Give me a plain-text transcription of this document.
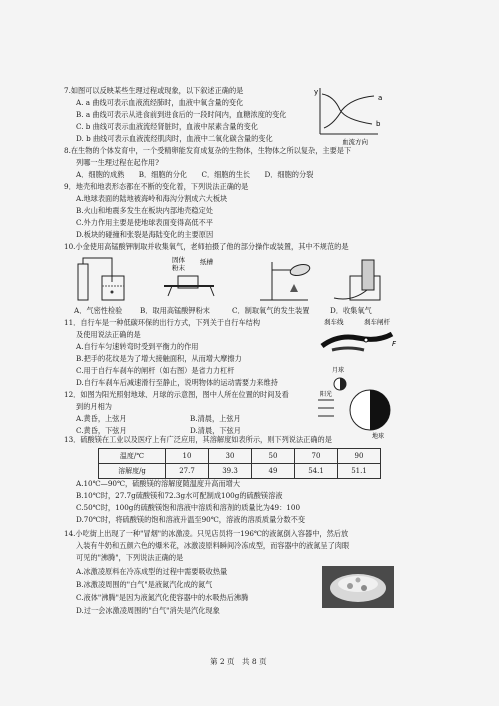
7.如图可以反映某些生理过程或现象，以下叙述正确的是
A. a 曲线可表示血液流经肺时，血液中氧含量的变化
B. a 曲线可表示从进食前到进食后的一段时间内，血糖浓度的变化
C. b 曲线可表示血液流经肾脏时，血液中尿素含量的变化
D. b 曲线可表示血液流经肌肉时，血液中二氧化碳含量的变化
y
a
b
血流方向
8.在生物的个体发育中，一个受精卵能发育成复杂的生物体，生物体之所以复杂，主要是下
列哪一生理过程在起作用?
A．细胞的成熟　　B．细胞的分化　　C．细胞的生长　　D．细胞的分裂
9．地壳和地表形态都在不断的变化着，下列说法正确的是
A.地球表面的陆地被海岭和海沟分割成六大板块
B.火山和地震多发生在板块内部地壳稳定处
C.外力作用主要是使地球表面变得高低不平
D.板块的碰撞和张裂是海陆变化的主要原因
10.小金使用高锰酸钾制取并收集氧气，老师拍摄了他的部分操作或装置，其中不规范的是
固体
粉末
纸槽
A．气密性检验 B．取用高锰酸钾粉末	C．制取氧气的发生装置	D．收集氧气
11．自行车是一种低碳环保的出行方式，下列关于自行车结构
及使用说法正确的是
A.自行车匀速转弯时受到平衡力的作用
B.把手的花纹是为了增大接触面积，从而增大摩擦力
C.用于自行车刹车的闸杆（如右图）是省力力杠杆
D.自行车刹车后减速滑行至静止，说明物体的运动需要力来维持
刹车线	刹车闸杆
F
12．如图为阳光照射地球、月球的示意图，图中人所在位置的时间及看
到的月相为
A.黄昏，上弦月	B.清晨，上弦月
C.黄昏，下弦月	D.清晨，下弦月
阳光
月球
地球
13．硫酸镁在工业以及医疗上有广泛应用，其溶解度如表所示，则下列说法正确的是
温度/℃	10	30	50	70	90
溶解度/g	27.7	39.3	49	54.1	51.1
A.10℃—90℃，硫酸镁的溶解度随温度升高而增大
B.10℃时，27.7g硫酸镁和72.3g水可配制成100g的硫酸镁溶液
C.50℃时，100g的硫酸镁饱和溶液中溶质和溶剂的质量比为49：100
D.70℃时，将硫酸镁的饱和溶液升温至90℃，溶液的溶质质量分数不变
14.小吃街上出现了一种"冒烟"的冰激凌。只见店员将一196℃的液氮倒入容器中，然后放
入装有牛奶和五颜六色的爆米花，冰激凌原料瞬间冷冻成型，而容器中的液氮呈了肉眼
可见的"沸腾"，下列说法正确的是
A.冰激凌原料在冷冻成型的过程中需要吸收热量
B.冰激凌周围的"白气"是液氮汽化成的氮气
C.液体"沸腾"是因为液氮汽化使容器中的水吸热后沸腾
D.过一会冰激凌周围的"白气"消失是汽化现象
第 2 页　共 8 页
